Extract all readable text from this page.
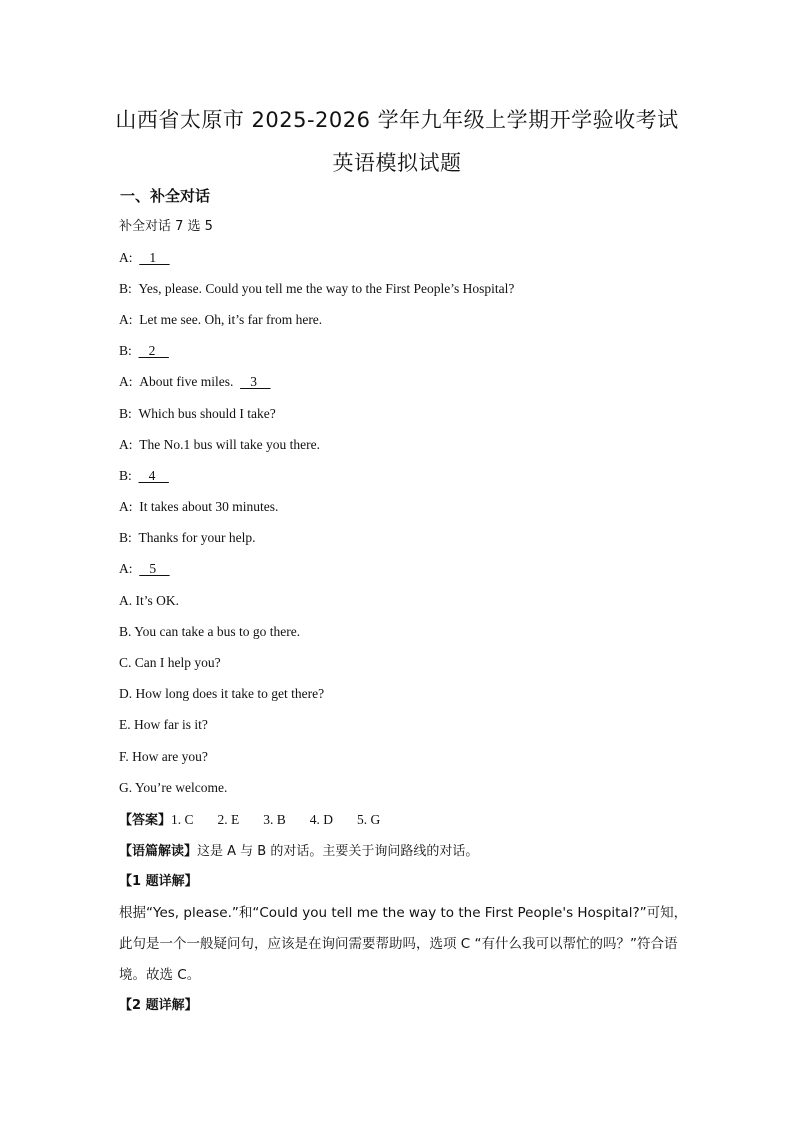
山西省太原市 2025-2026 学年九年级上学期开学验收考试
英语模拟试题
一、补全对话
补全对话 7 选 5
A:     1
B:  Yes, please. Could you tell me the way to the First People’s Hospital?
A:  Let me see. Oh, it’s far from here.
B:     2
A:  About five miles.     3
B:  Which bus should I take?
A:  The No.1 bus will take you there.
B:     4
A:  It takes about 30 minutes.
B:  Thanks for your help.
A:     5
A. It’s OK.
B. You can take a bus to go there.
C. Can I help you?
D. How long does it take to get there?
E. How far is it?
F. How are you?
G. You’re welcome.
【答案】1. C 2. E 3. B 4. D 5. G
【语篇解读】这是 A 与 B 的对话。主要关于询问路线的对话。
【1 题详解】
根据“Yes, please.”和“Could you tell me the way to the First People's Hospital?”可知，此句是一个一般疑问句，应该是在询问需要帮助吗，选项 C “有什么我可以帮忙的吗？”符合语境。故选 C。
【2 题详解】
